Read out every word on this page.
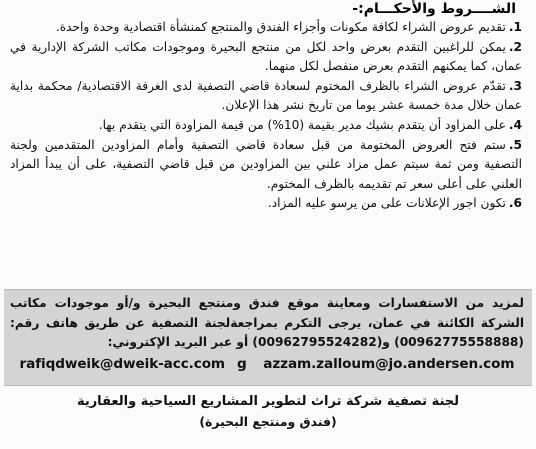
الشــــروط والأحكـــام:-

1.تقديم عروض الشراء لكافة مكونات وأجزاء الفندق والمنتجع كمنشأة اقتصادية وحدة واحدة.

2.يمكن للراغبين التقدم بعرض واحد لكل من منتجع البحيرة وموجودات مكاتب الشركة الإدارية في عمان، كما يمكنهم التقدم بعرض منفصل لكل منهما.

3.تقدّم عروض الشراء بالظرف المختوم لسعادة قاضي التصفية لدى الغرفة الاقتصادية/ محكمة بداية عمان خلال مدة خمسة عشر يوما من تاريخ نشر هذا الإعلان.

4.على المزاود أن يتقدم بشيك مدير بقيمة (10%) من قيمة المزاودة التي يتقدم بها.

5.ستم فتح العروض المختومة من قبل سعادة قاضي التصفية وأمام المزاودين المتقدمين ولجنة التصفية ومن ثمة سيتم عمل مزاد علني بين المزاودين من قبل قاضي التصفية، على أن يبدأ المزاد العلني على أعلى سعر تم تقديمه بالظرف المختوم.

6.تكون اجور الإعلانات على من يرسو عليه المزاد.

لمزيد من الاستفسارات ومعاينة موقع فندق ومنتجع البحيرة و/أو موجودات مكاتب الشركة الكائنة في عمان، يرجى التكرم بمراجعةلجنة التصفية عن طريق هاتف رقم: (00962775558888) و(00962795524282) أو عبر البريد الإكتروني:

rafiqdweik@dweik-acc.com g azzam.zalloum@jo.andersen.com
لجنة تصفية شركة تراث لتطوير المشاريع السياحية والعقارية
(فندق ومنتجع البحيرة)
